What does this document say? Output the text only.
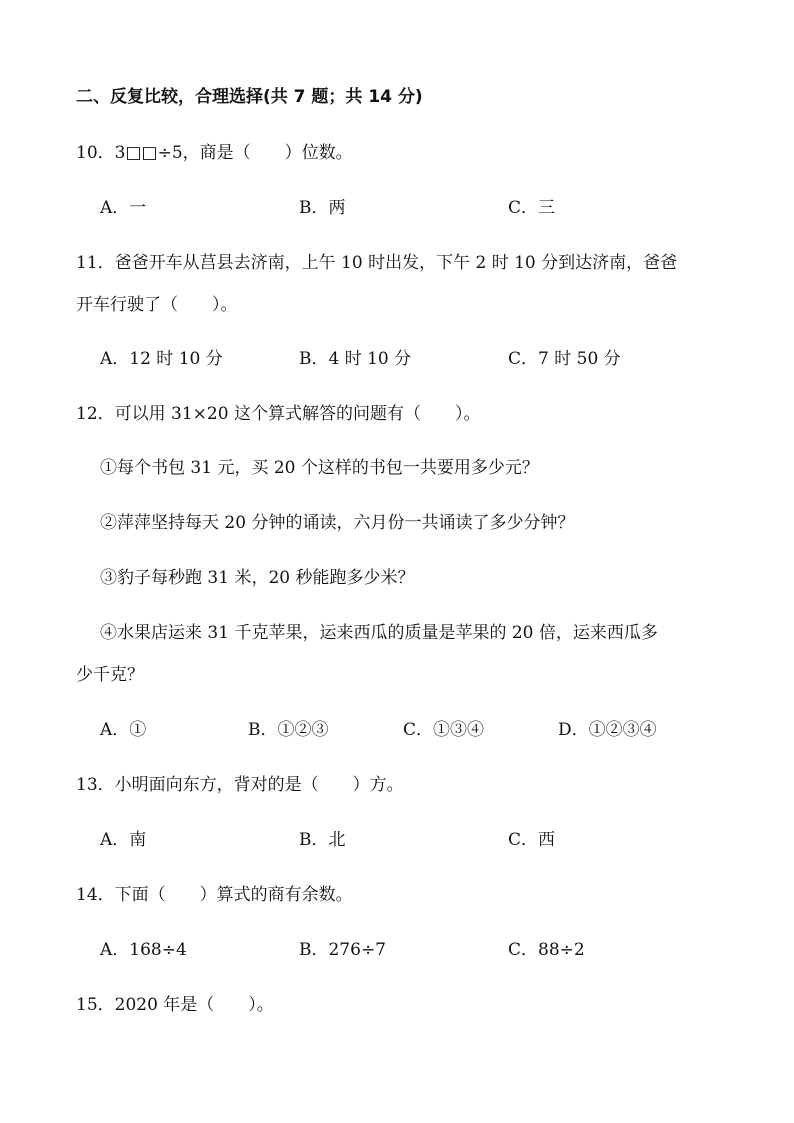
二、反复比较，合理选择(共 7 题；共 14 分)
10．3□□÷5，商是（　　）位数。
A．一	B．两	C．三
11．爸爸开车从莒县去济南，上午 10 时出发，下午 2 时 10 分到达济南，爸爸
开车行驶了（　　）。
A．12 时 10 分	B．4 时 10 分	C．7 时 50 分
12．可以用 31×20 这个算式解答的问题有（　　）。
①每个书包 31 元，买 20 个这样的书包一共要用多少元？
②萍萍坚持每天 20 分钟的诵读，六月份一共诵读了多少分钟？
③豹子每秒跑 31 米，20 秒能跑多少米？
④水果店运来 31 千克苹果，运来西瓜的质量是苹果的 20 倍，运来西瓜多
少千克？
A．①	B．①②③	C．①③④	D．①②③④
13．小明面向东方，背对的是（　　）方。
A．南	B．北	C．西
14．下面（　　）算式的商有余数。
A．168÷4	B．276÷7	C．88÷2
15．2020 年是（　　）。
